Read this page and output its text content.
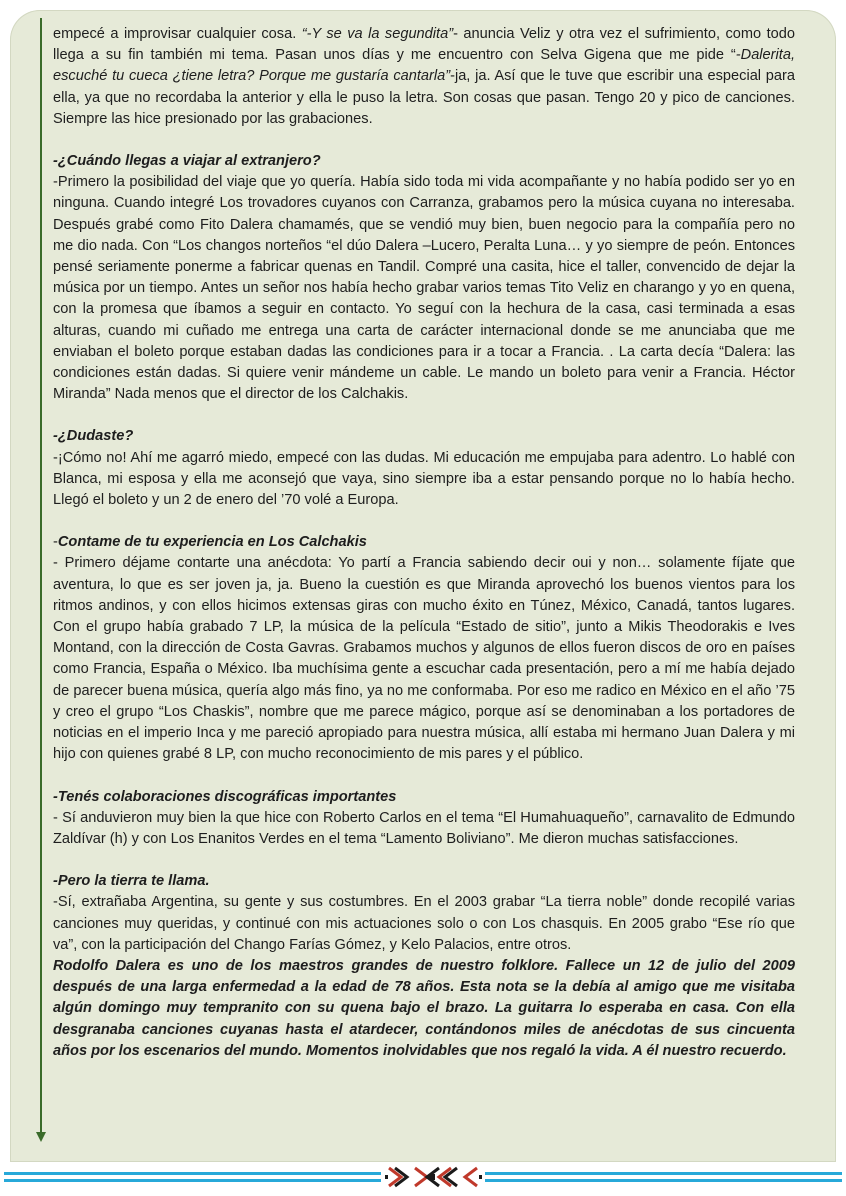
empecé a improvisar cualquier cosa. “-Y se va la segundita”- anuncia Veliz y otra vez el sufrimiento, como todo llega a su fin también mi tema. Pasan unos días y me encuentro con Selva Gigena que me pide “-Dalerita, escuché tu cueca ¿tiene letra? Porque me gustaría cantarla”-ja, ja. Así que le tuve que escribir una especial para ella, ya que no recordaba la anterior y ella le puso la letra. Son cosas que pasan. Tengo 20 y pico de canciones. Siempre las hice presionado por las grabaciones.

-¿Cuándo llegas a viajar al extranjero?

-Primero la posibilidad del viaje que yo quería. Había sido toda mi vida acompañante y no había podido ser yo en ninguna. Cuando integré Los trovadores cuyanos con Carranza, grabamos pero la música cuyana no interesaba. Después grabé como Fito Dalera chamamés, que se vendió muy bien, buen negocio para la compañía pero no me dio nada. Con “Los changos norteños “el dúo Dalera –Lucero, Peralta Luna… y yo siempre de peón. Entonces pensé seriamente ponerme a fabricar quenas en Tandil. Compré una casita, hice el taller, convencido de dejar la música por un tiempo. Antes un señor nos había hecho grabar varios temas Tito Veliz en charango y yo en quena, con la promesa que íbamos a seguir en contacto. Yo seguí con la hechura de la casa, casi terminada a esas alturas, cuando mi cuñado me entrega una carta de carácter internacional donde se me anunciaba que me enviaban el boleto porque estaban dadas las condiciones para ir a tocar a Francia. . La carta decía “Dalera: las condiciones están dadas. Si quiere venir mándeme un cable. Le mando un boleto para venir a Francia. Héctor Miranda” Nada menos que el director de los Calchakis.

-¿Dudaste?

-¡Cómo no! Ahí me agarró miedo, empecé con las dudas. Mi educación me empujaba para adentro. Lo hablé con Blanca, mi esposa y ella me aconsejó que vaya, sino siempre iba a estar pensando porque no lo había hecho. Llegó el boleto y un 2 de enero del ’70 volé a Europa.

-Contame de tu experiencia en Los Calchakis

- Primero déjame contarte una anécdota: Yo partí a Francia sabiendo decir oui y non… solamente fíjate que aventura, lo que es ser joven ja, ja. Bueno la cuestión es que Miranda aprovechó los buenos vientos para los ritmos andinos, y con ellos hicimos extensas giras con mucho éxito en Túnez, México, Canadá, tantos lugares. Con el grupo había grabado 7 LP, la música de la película “Estado de sitio”, junto a Mikis Theodorakis e Ives Montand, con la dirección de Costa Gavras. Grabamos muchos y algunos de ellos fueron discos de oro en países como Francia, España o México. Iba muchísima gente a escuchar cada presentación, pero a mí me había dejado de parecer buena música, quería algo más fino, ya no me conformaba. Por eso me radico en México en el año ’75 y creo el grupo “Los Chaskis”, nombre que me parece mágico, porque así se denominaban a los portadores de noticias en el imperio Inca y me pareció apropiado para nuestra música, allí estaba mi hermano Juan Dalera y mi hijo con quienes grabé 8 LP, con mucho reconocimiento de mis pares y el público.

-Tenés colaboraciones discográficas importantes

- Sí anduvieron muy bien la que hice con Roberto Carlos en el tema “El Humahuaqueño”, carnavalito de Edmundo Zaldívar (h) y con Los Enanitos Verdes en el tema “Lamento Boliviano”. Me dieron muchas satisfacciones.

-Pero la tierra te llama.

-Sí, extrañaba Argentina, su gente y sus costumbres. En el 2003 grabar “La tierra noble” donde recopilé varias canciones muy queridas, y continué con mis actuaciones solo o con Los chasquis. En 2005 grabo “Ese río que va”, con la participación del Chango Farías Gómez, y Kelo Palacios, entre otros.

Rodolfo Dalera es uno de los maestros grandes de nuestro folklore. Fallece un 12 de julio del 2009 después de una larga enfermedad a la edad de 78 años. Esta nota se la debía al amigo que me visitaba algún domingo muy tempranito con su quena bajo el brazo. La guitarra lo esperaba en casa. Con ella desgranaba canciones cuyanas hasta el atardecer, contándonos miles de anécdotas de sus cincuenta años por los escenarios del mundo. Momentos inolvidables que nos regaló la vida. A él nuestro recuerdo.
